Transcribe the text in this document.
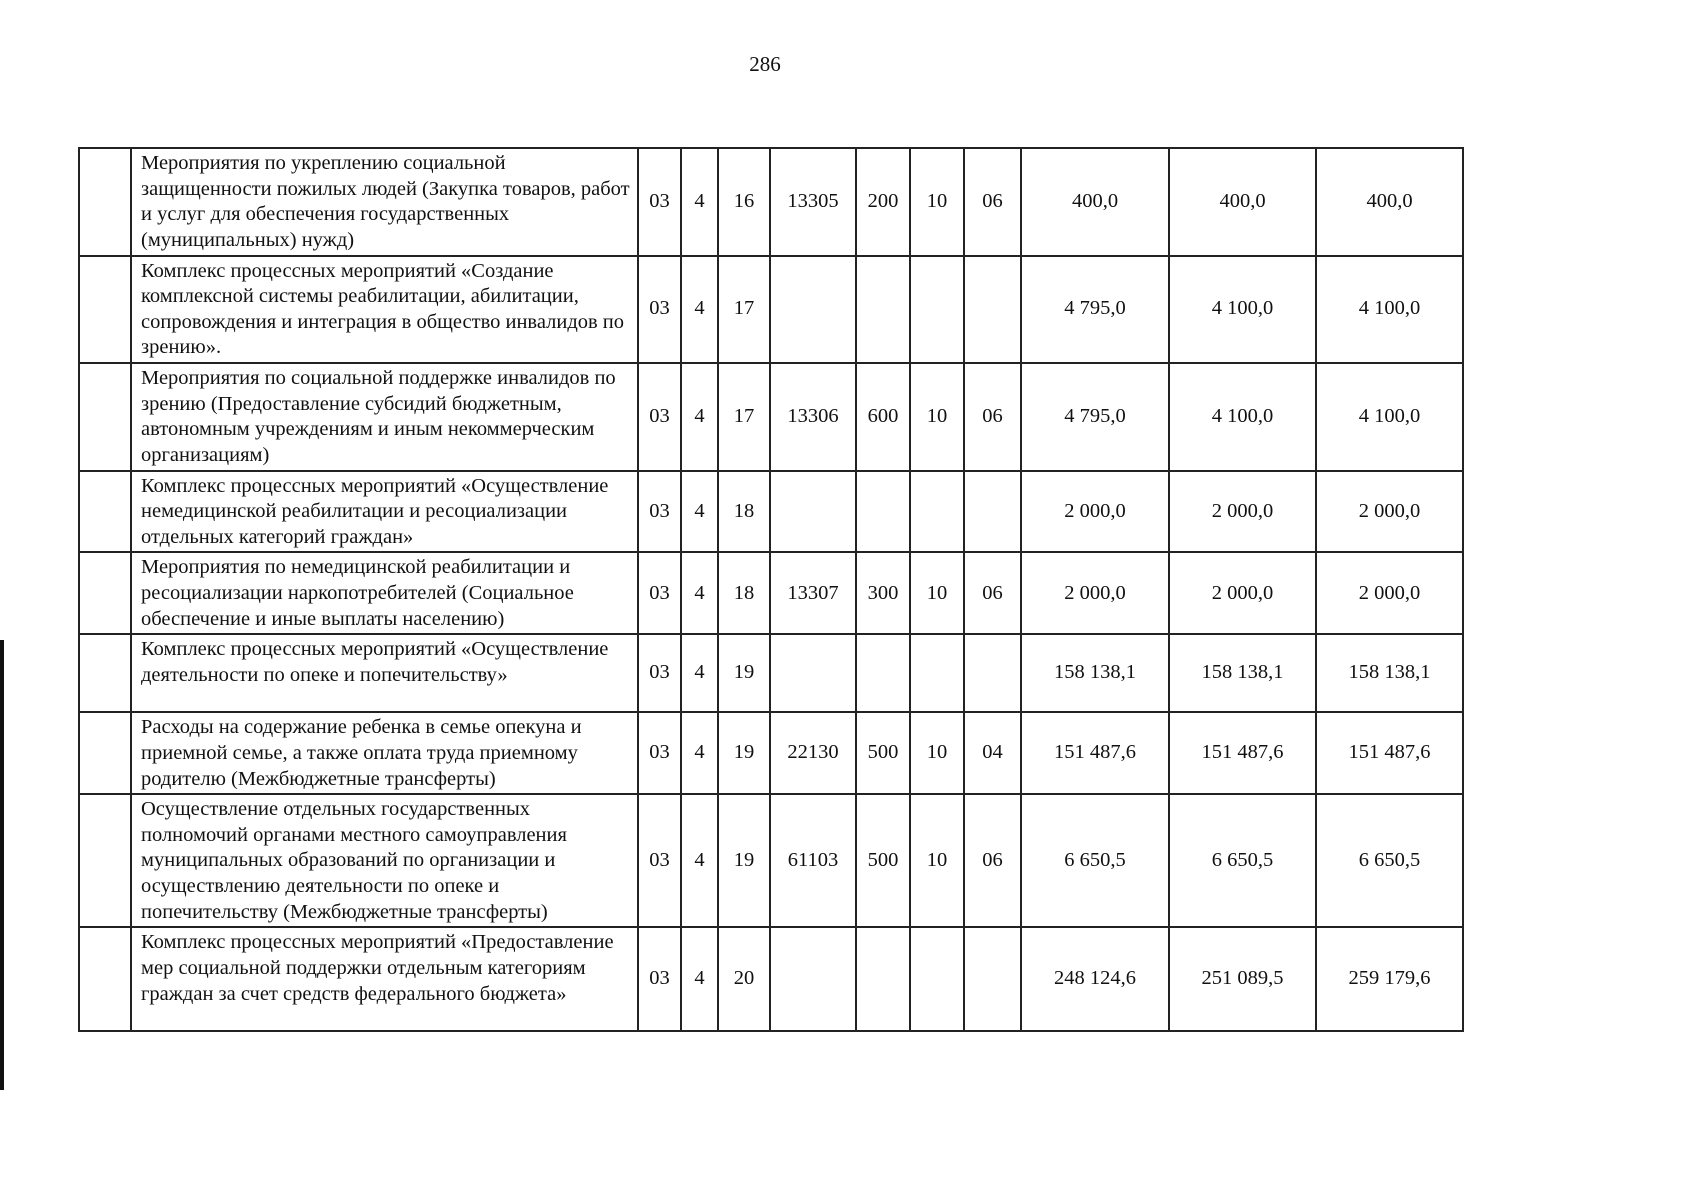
286
	Мероприятия по укреплению социальной защищенности пожилых людей (Закупка товаров, работ и услуг для обеспечения государственных (муниципальных) нужд)	03	4	16	13305	200	10	06	400,0	400,0	400,0
	Комплекс процессных мероприятий «Создание комплексной системы реабилитации, абилитации, сопровождения и интеграция в общество инвалидов по зрению».	03	4	17					4 795,0	4 100,0	4 100,0
	Мероприятия по социальной поддержке инвалидов по зрению (Предоставление субсидий бюджетным, автономным учреждениям и иным некоммерческим организациям)	03	4	17	13306	600	10	06	4 795,0	4 100,0	4 100,0
	Комплекс процессных мероприятий «Осуществление немедицинской реабилитации и ресоциализации отдельных категорий граждан»	03	4	18					2 000,0	2 000,0	2 000,0
	Мероприятия по немедицинской реабилитации и ресоциализации наркопотребителей (Социальное обеспечение и иные выплаты населению)	03	4	18	13307	300	10	06	2 000,0	2 000,0	2 000,0
	Комплекс процессных мероприятий «Осуществление деятельности по опеке и попечительству»	03	4	19					158 138,1	158 138,1	158 138,1
	Расходы на содержание ребенка в семье опекуна и приемной семье, а также оплата труда приемному родителю (Межбюджетные трансферты)	03	4	19	22130	500	10	04	151 487,6	151 487,6	151 487,6
	Осуществление отдельных государственных полномочий органами местного самоуправления муниципальных образований по организации и осуществлению деятельности по опеке и попечительству (Межбюджетные трансферты)	03	4	19	61103	500	10	06	6 650,5	6 650,5	6 650,5
	Комплекс процессных мероприятий «Предоставление мер социальной поддержки отдельным категориям граждан за счет средств федерального бюджета»	03	4	20					248 124,6	251 089,5	259 179,6
